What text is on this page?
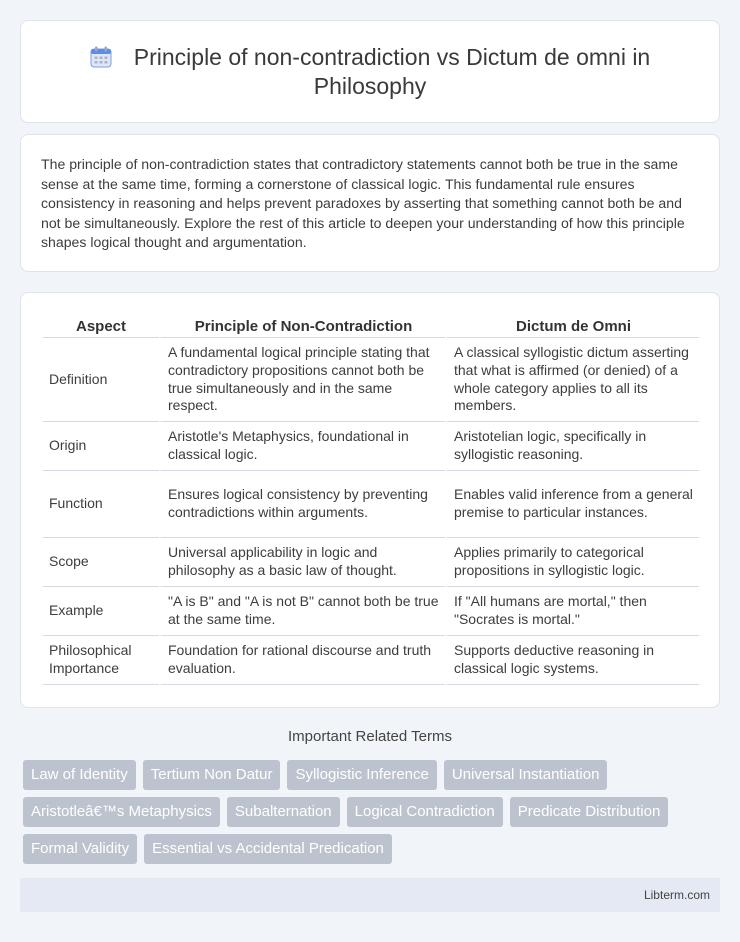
Principle of non-contradiction vs Dictum de omni in Philosophy

The principle of non-contradiction states that contradictory statements cannot both be true in the same sense at the same time, forming a cornerstone of classical logic. This fundamental rule ensures consistency in reasoning and helps prevent paradoxes by asserting that something cannot both be and not be simultaneously. Explore the rest of this article to deepen your understanding of how this principle shapes logical thought and argumentation.

Aspect	Principle of Non-Contradiction	Dictum de Omni
Definition	A fundamental logical principle stating that contradictory propositions cannot both be true simultaneously and in the same respect.	A classical syllogistic dictum asserting that what is affirmed (or denied) of a whole category applies to all its members.
Origin	Aristotle's Metaphysics, foundational in classical logic.	Aristotelian logic, specifically in syllogistic reasoning.
Function	Ensures logical consistency by preventing contradictions within arguments.	Enables valid inference from a general premise to particular instances.
Scope	Universal applicability in logic and philosophy as a basic law of thought.	Applies primarily to categorical propositions in syllogistic logic.
Example	"A is B" and "A is not B" cannot both be true at the same time.	If "All humans are mortal," then "Socrates is mortal."
Philosophical Importance	Foundation for rational discourse and truth evaluation.	Supports deductive reasoning in classical logic systems.
Important Related Terms
Law of Identity	Tertium Non Datur	Syllogistic Inference	Universal Instantiation
Aristotleâ€™s Metaphysics	Subalternation	Logical Contradiction	Predicate Distribution
Formal Validity	Essential vs Accidental Predication
Libterm.com
